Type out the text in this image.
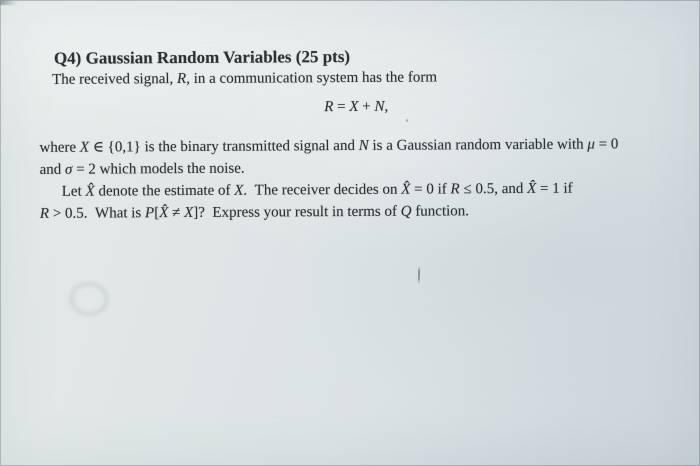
Q4) Gaussian Random Variables (25 pts)
The received signal, R, in a communication system has the form
R = X + N,
where X ∈ {0,1} is the binary transmitted signal and N is a Gaussian random variable with μ = 0
and σ = 2 which models the noise.
Let X̂ denote the estimate of X. The receiver decides on X̂ = 0 if R ≤ 0.5, and X̂ = 1 if
R > 0.5. What is P[X̂ ≠ X]? Express your result in terms of Q function.
